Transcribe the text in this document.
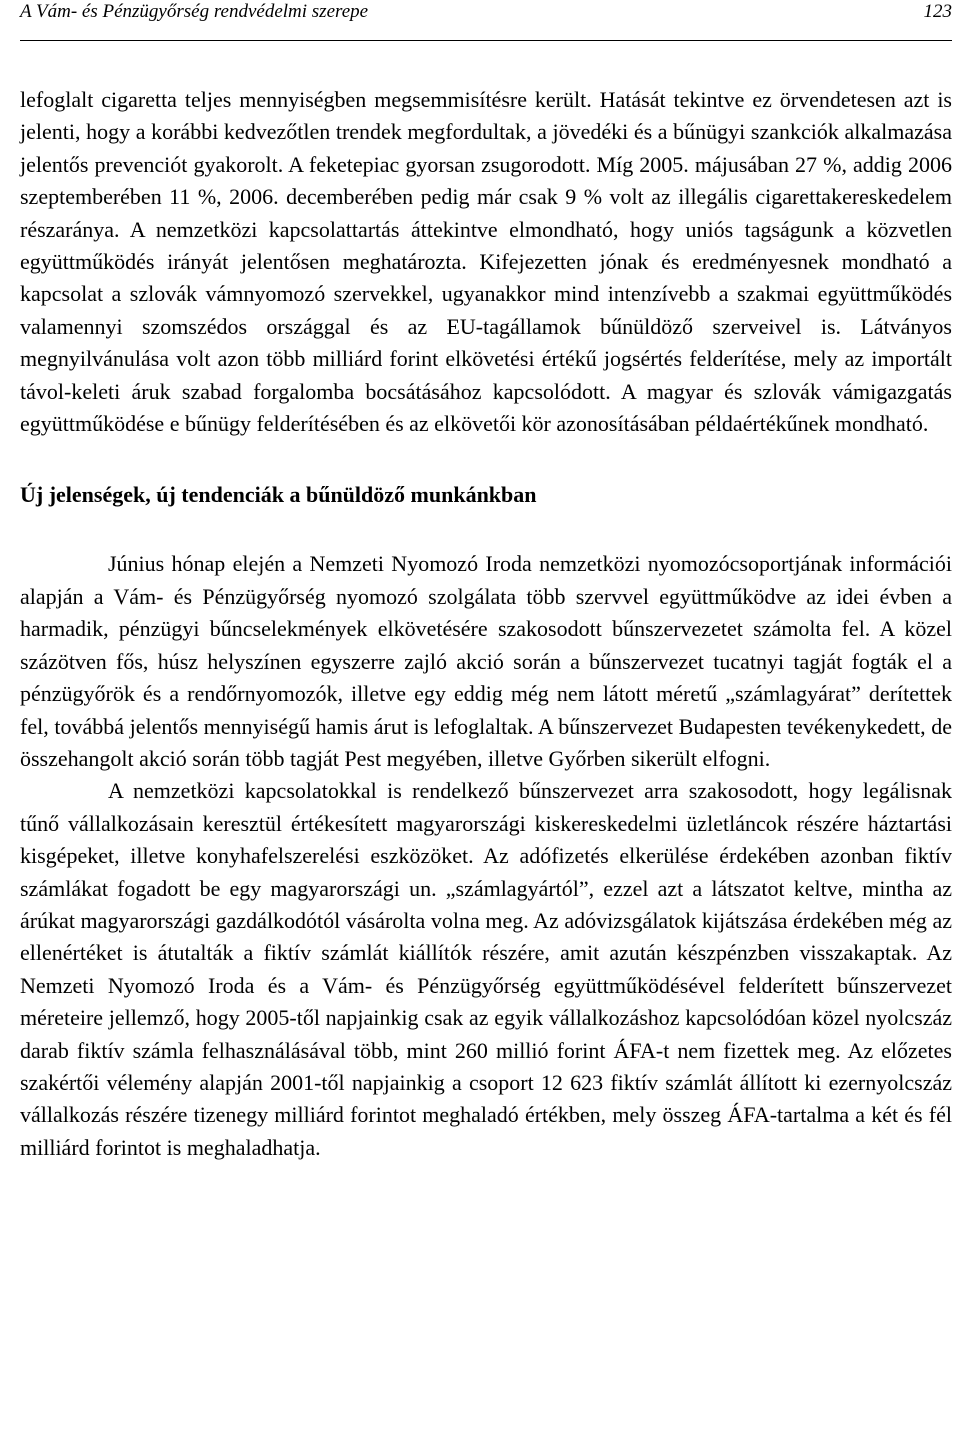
A Vám- és Pénzügyőrség rendvédelmi szerepe	123

lefoglalt cigaretta teljes mennyiségben megsemmisítésre került. Hatását tekintve ez örvendetesen azt is jelenti, hogy a korábbi kedvezőtlen trendek megfordultak, a jövedéki és a bűnügyi szankciók alkalmazása jelentős prevenciót gyakorolt. A feketepiac gyorsan zsugorodott. Míg 2005. májusában 27 %, addig 2006 szeptemberében 11 %, 2006. decemberében pedig már csak 9 % volt az illegális cigarettakereskedelem részaránya. A nemzetközi kapcsolattartás áttekintve elmondható, hogy uniós tagságunk a közvetlen együttműködés irányát jelentősen meghatározta. Kifejezetten jónak és eredményesnek mondható a kapcsolat a szlovák vámnyomozó szervekkel, ugyanakkor mind intenzívebb a szakmai együttműködés valamennyi szomszédos országgal és az EU-tagállamok bűnüldöző szerveivel is. Látványos megnyilvánulása volt azon több milliárd forint elkövetési értékű jogsértés felderítése, mely az importált távol-keleti áruk szabad forgalomba bocsátásához kapcsolódott. A magyar és szlovák vámigazgatás együttműködése e bűnügy felderítésében és az elkövetői kör azonosításában példaértékűnek mondható.

Új jelenségek, új tendenciák a bűnüldöző munkánkban

Június hónap elején a Nemzeti Nyomozó Iroda nemzetközi nyomozócsoportjának információi alapján a Vám- és Pénzügyőrség nyomozó szolgálata több szervvel együttműködve az idei évben a harmadik, pénzügyi bűncselekmények elkövetésére szakosodott bűnszervezetet számolta fel. A közel százötven fős, húsz helyszínen egyszerre zajló akció során a bűnszervezet tucatnyi tagját fogták el a pénzügyőrök és a rendőrnyomozók, illetve egy eddig még nem látott méretű „számlagyárat” derítettek fel, továbbá jelentős mennyiségű hamis árut is lefoglaltak. A bűnszervezet Budapesten tevékenykedett, de összehangolt akció során több tagját Pest megyében, illetve Győrben sikerült elfogni.

A nemzetközi kapcsolatokkal is rendelkező bűnszervezet arra szakosodott, hogy legálisnak tűnő vállalkozásain keresztül értékesített magyarországi kiskereskedelmi üzletláncok részére háztartási kisgépeket, illetve konyhafelszerelési eszközöket. Az adófizetés elkerülése érdekében azonban fiktív számlákat fogadott be egy magyarországi un. „számlagyártól”, ezzel azt a látszatot keltve, mintha az árúkat magyarországi gazdálkodótól vásárolta volna meg. Az adóvizsgálatok kijátszása érdekében még az ellenértéket is átutalták a fiktív számlát kiállítók részére, amit azután készpénzben visszakaptak. Az Nemzeti Nyomozó Iroda és a Vám- és Pénzügyőrség együttműködésével felderített bűnszervezet méreteire jellemző, hogy 2005-től napjainkig csak az egyik vállalkozáshoz kapcsolódóan közel nyolcszáz darab fiktív számla felhasználásával több, mint 260 millió forint ÁFA-t nem fizettek meg. Az előzetes szakértői vélemény alapján 2001-től napjainkig a csoport 12 623 fiktív számlát állított ki ezernyolcszáz vállalkozás részére tizenegy milliárd forintot meghaladó értékben, mely összeg ÁFA-tartalma a két és fél milliárd forintot is meghaladhatja.
